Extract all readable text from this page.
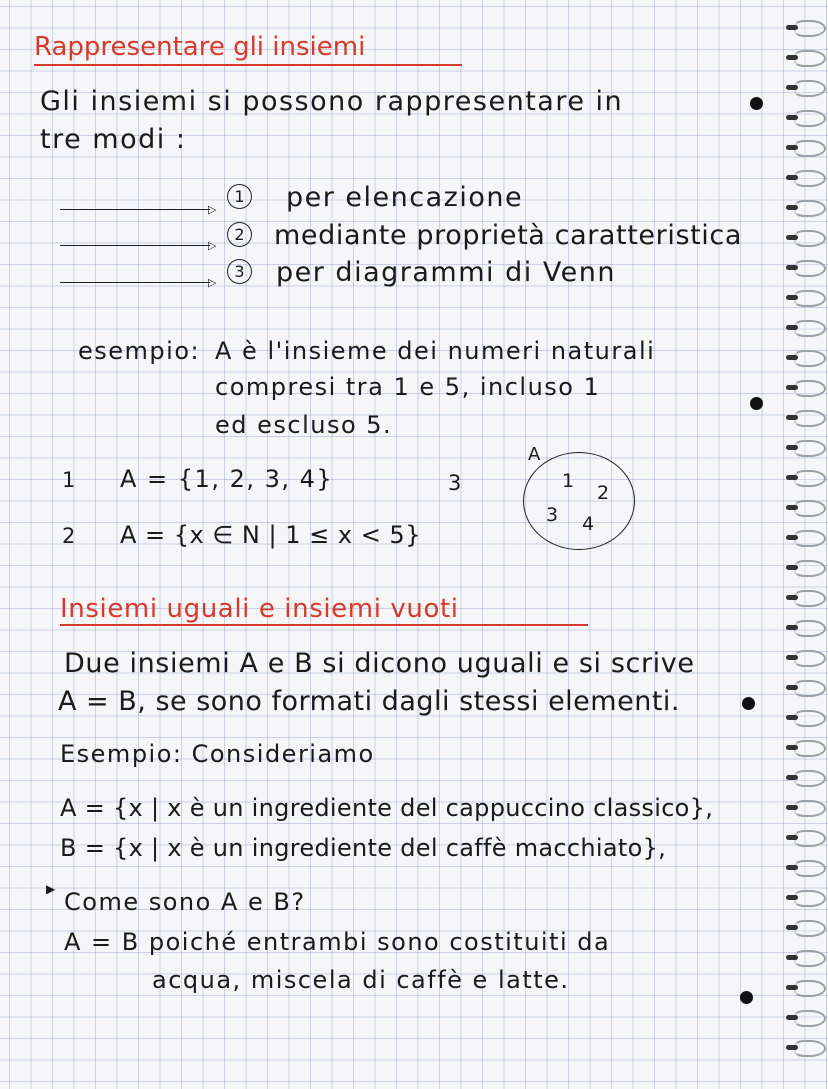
Rappresentare gli insiemi
Gli insiemi si possono rappresentare in
tre modi :
▷
1 per elencazione
▷
2 mediante proprietà caratteristica
▷
3 per diagrammi di Venn
esempio: A è l'insieme dei numeri naturali
compresi tra 1 e 5, incluso 1
ed escluso 5.
1 A = {1, 2, 3, 4}
2 A = {x ∈ N | 1 ≤ x < 5}
3
A
1
2
3 4
Insiemi uguali e insiemi vuoti
Due insiemi A e B si dicono uguali e si scrive
A = B, se sono formati dagli stessi elementi.
Esempio: Consideriamo
A = {x | x è un ingrediente del cappuccino classico},
B = {x | x è un ingrediente del caffè macchiato},
▶ Come sono A e B?
A = B poiché entrambi sono costituiti da
acqua, miscela di caffè e latte.
